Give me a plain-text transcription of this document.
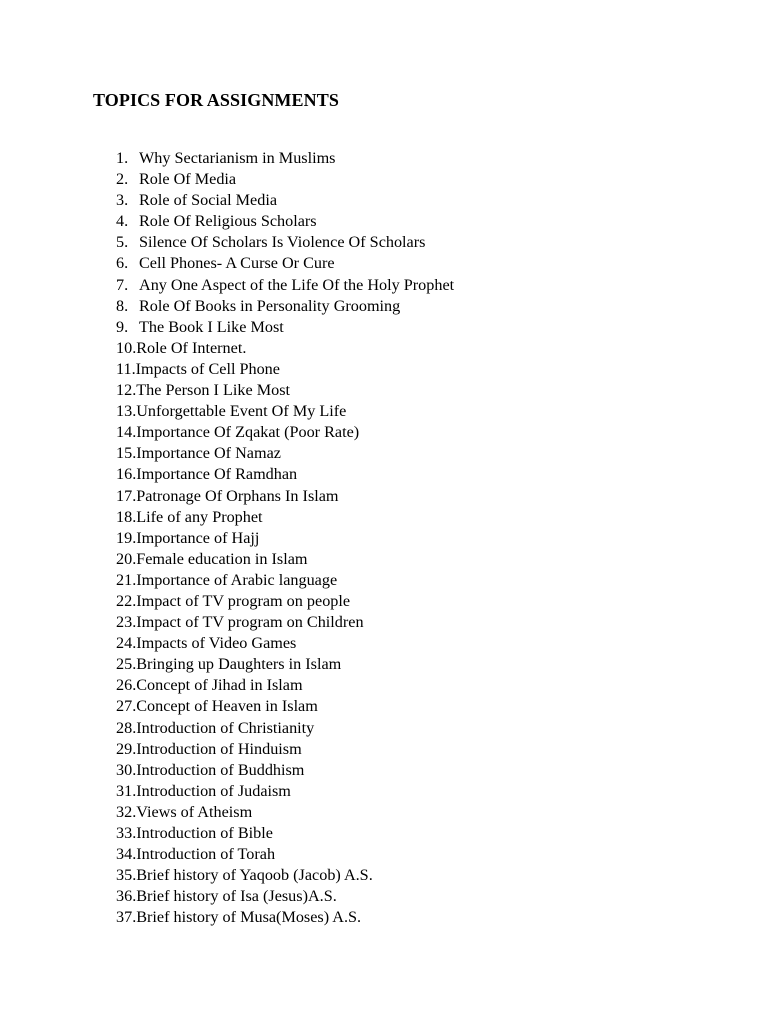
TOPICS FOR ASSIGNMENTS
1. Why Sectarianism in Muslims
2. Role Of Media
3. Role of Social Media
4. Role Of Religious Scholars
5. Silence Of Scholars Is Violence Of Scholars
6. Cell Phones- A Curse Or Cure
7. Any One Aspect of the Life Of the Holy Prophet
8. Role Of Books in Personality Grooming
9. The Book I Like Most
10.Role Of Internet.
11.Impacts of Cell Phone
12.The Person I Like Most
13.Unforgettable Event Of My Life
14.Importance Of Zqakat (Poor Rate)
15.Importance Of Namaz
16.Importance Of Ramdhan
17.Patronage Of Orphans In Islam
18.Life of any Prophet
19.Importance of Hajj
20.Female education in Islam
21.Importance of Arabic language
22.Impact of TV program on people
23.Impact of TV program on Children
24.Impacts of Video Games
25.Bringing up Daughters in Islam
26.Concept of Jihad in Islam
27.Concept of Heaven in Islam
28.Introduction of Christianity
29.Introduction of Hinduism
30.Introduction of Buddhism
31.Introduction of Judaism
32.Views of Atheism
33.Introduction of Bible
34.Introduction of Torah
35.Brief history of Yaqoob (Jacob) A.S.
36.Brief history of Isa (Jesus)A.S.
37.Brief history of Musa(Moses) A.S.
